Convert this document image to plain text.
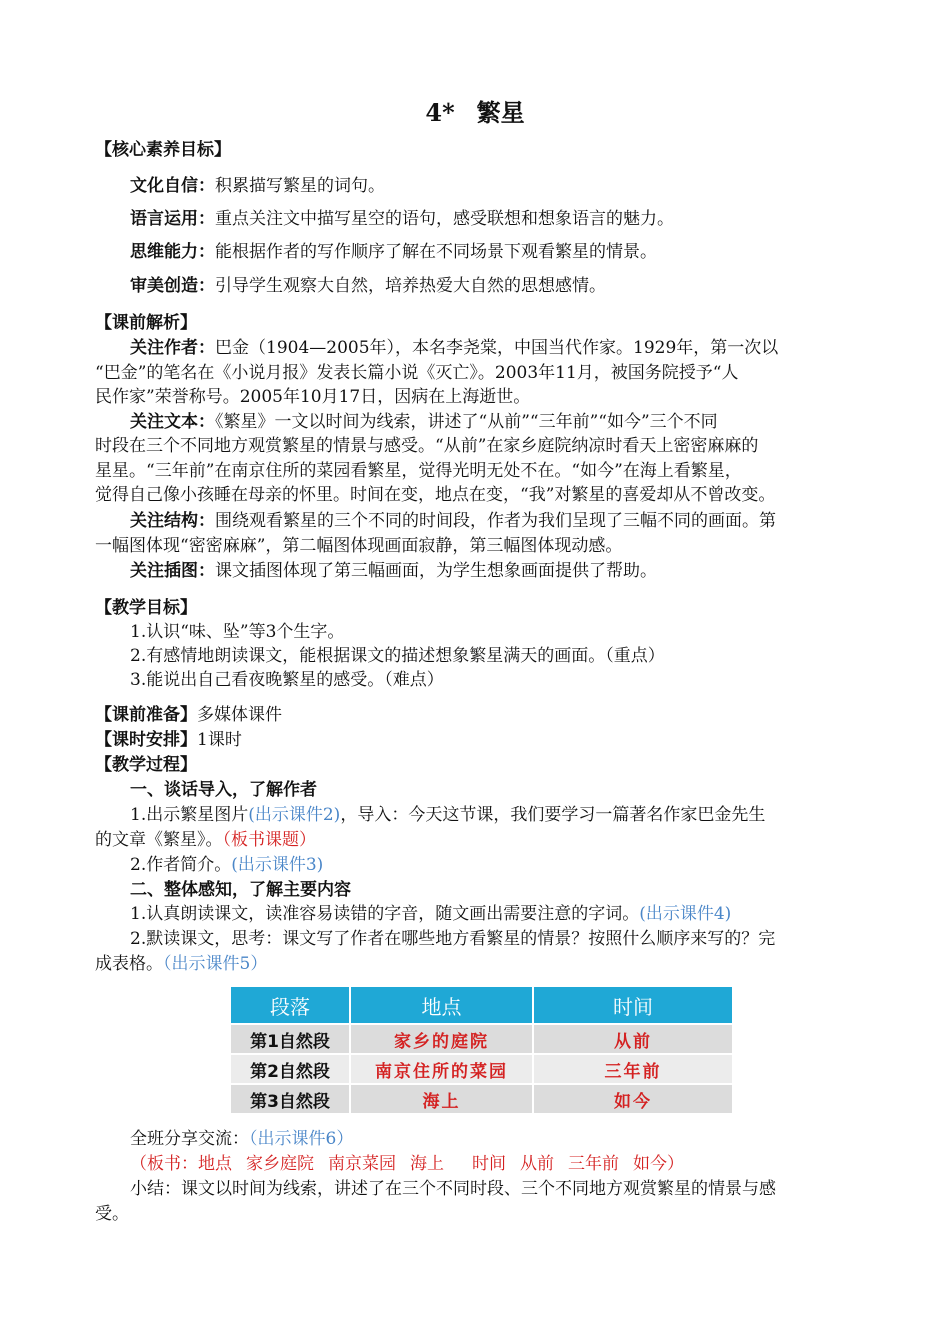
4* 繁星
【核心素养目标】
文化自信：积累描写繁星的词句。
语言运用：重点关注文中描写星空的语句，感受联想和想象语言的魅力。
思维能力：能根据作者的写作顺序了解在不同场景下观看繁星的情景。
审美创造：引导学生观察大自然，培养热爱大自然的思想感情。
【课前解析】
关注作者：巴金（1904—2005年），本名李尧棠，中国当代作家。1929年，第一次以
“巴金”的笔名在《小说月报》发表长篇小说《灭亡》。2003年11月，被国务院授予“人
民作家”荣誉称号。2005年10月17日，因病在上海逝世。
关注文本：《繁星》一文以时间为线索，讲述了“从前”“三年前”“如今”三个不同
时段在三个不同地方观赏繁星的情景与感受。“从前”在家乡庭院纳凉时看天上密密麻麻的
星星。“三年前”在南京住所的菜园看繁星，觉得光明无处不在。“如今”在海上看繁星，
觉得自己像小孩睡在母亲的怀里。时间在变，地点在变，“我”对繁星的喜爱却从不曾改变。
关注结构：围绕观看繁星的三个不同的时间段，作者为我们呈现了三幅不同的画面。第
一幅图体现“密密麻麻”，第二幅图体现画面寂静，第三幅图体现动感。
关注插图：课文插图体现了第三幅画面，为学生想象画面提供了帮助。
【教学目标】
1.认识“味、坠”等3个生字。
2.有感情地朗读课文，能根据课文的描述想象繁星满天的画面。（重点）
3.能说出自己看夜晚繁星的感受。（难点）
【课前准备】多媒体课件
【课时安排】1课时
【教学过程】
一、谈话导入，了解作者
1.出示繁星图片(出示课件2)，导入：今天这节课，我们要学习一篇著名作家巴金先生
的文章《繁星》。（板书课题）
2.作者简介。(出示课件3)
二、整体感知，了解主要内容
1.认真朗读课文，读准容易读错的字音，随文画出需要注意的字词。(出示课件4)
2.默读课文，思考：课文写了作者在哪些地方看繁星的情景？按照什么顺序来写的？完
成表格。（出示课件5）
段落	地点	时间
第1自然段	家乡的庭院	从前
第2自然段	南京住所的菜园	三年前
第3自然段	海上	如今
全班分享交流：（出示课件6）
（板书：地点 家乡庭院 南京菜园 海上 时间 从前 三年前 如今）
小结：课文以时间为线索，讲述了在三个不同时段、三个不同地方观赏繁星的情景与感
受。
